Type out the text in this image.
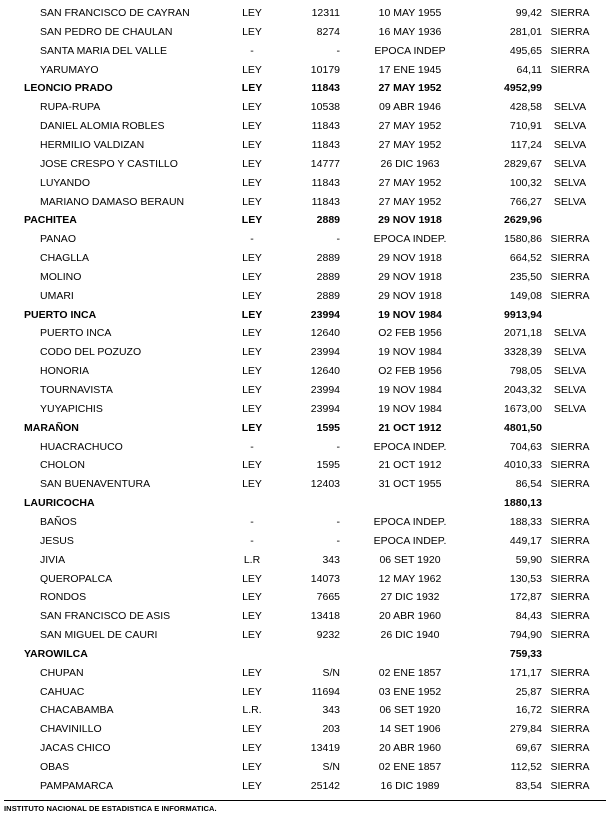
SAN FRANCISCO DE CAYRAN	LEY	12311	10 MAY 1955	99,42 SIERRA
SAN PEDRO DE CHAULAN	LEY	8274	16 MAY 1936	281,01 SIERRA
SANTA MARIA DEL VALLE	-	-	EPOCA INDEP	495,65 SIERRA
YARUMAYO	LEY	10179	17 ENE 1945	64,11 SIERRA
LEONCIO PRADO	LEY	11843	27 MAY 1952	4952,99
RUPA-RUPA	LEY	10538	09 ABR 1946	428,58	SELVA
DANIEL ALOMIA ROBLES	LEY	11843	27 MAY 1952	710,91	SELVA
HERMILIO VALDIZAN	LEY	11843	27 MAY 1952	117,24	SELVA
JOSE CRESPO Y CASTILLO	LEY	14777	26 DIC 1963	2829,67	SELVA
LUYANDO	LEY	11843	27 MAY 1952	100,32	SELVA
MARIANO DAMASO BERAUN	LEY	11843	27 MAY 1952	766,27	SELVA
PACHITEA	LEY	2889	29 NOV 1918	2629,96
PANAO	-	-	EPOCA INDEP.	1580,86 SIERRA
CHAGLLA	LEY	2889	29 NOV 1918	664,52 SIERRA
MOLINO	LEY	2889	29 NOV 1918	235,50 SIERRA
UMARI	LEY	2889	29 NOV 1918	149,08 SIERRA
PUERTO INCA	LEY	23994	19 NOV 1984	9913,94
PUERTO INCA	LEY	12640	O2 FEB 1956	2071,18	SELVA
CODO DEL POZUZO	LEY	23994	19 NOV 1984	3328,39	SELVA
HONORIA	LEY	12640	O2 FEB 1956	798,05	SELVA
TOURNAVISTA	LEY	23994	19 NOV 1984	2043,32	SELVA
YUYAPICHIS	LEY	23994	19 NOV 1984	1673,00	SELVA
MARAÑON	LEY	1595	21 OCT 1912	4801,50
HUACRACHUCO	-	-	EPOCA INDEP.	704,63 SIERRA
CHOLON	LEY	1595	21 OCT 1912	4010,33 SIERRA
SAN BUENAVENTURA	LEY	12403	31 OCT 1955	86,54 SIERRA
LAURICOCHA	1880,13
BAÑOS	-	-	EPOCA INDEP.	188,33 SIERRA
JESUS	-	-	EPOCA INDEP.	449,17 SIERRA
JIVIA	L.R	343	06 SET 1920	59,90 SIERRA
QUEROPALCA	LEY	14073	12 MAY 1962	130,53 SIERRA
RONDOS	LEY	7665	27 DIC 1932	172,87 SIERRA
SAN FRANCISCO DE ASIS	LEY	13418	20 ABR 1960	84,43 SIERRA
SAN MIGUEL DE CAURI	LEY	9232	26 DIC 1940	794,90 SIERRA
YAROWILCA	759,33
CHUPAN	LEY	S/N	02 ENE 1857	171,17 SIERRA
CAHUAC	LEY	11694	03 ENE 1952	25,87 SIERRA
CHACABAMBA	L.R.	343	06 SET 1920	16,72 SIERRA
CHAVINILLO	LEY	203	14 SET 1906	279,84 SIERRA
JACAS CHICO	LEY	13419	20 ABR 1960	69,67 SIERRA
OBAS	LEY	S/N	02 ENE 1857	112,52 SIERRA
PAMPAMARCA	LEY	25142	16 DIC 1989	83,54 SIERRA
INSTITUTO NACIONAL DE ESTADISTICA E INFORMATICA.
